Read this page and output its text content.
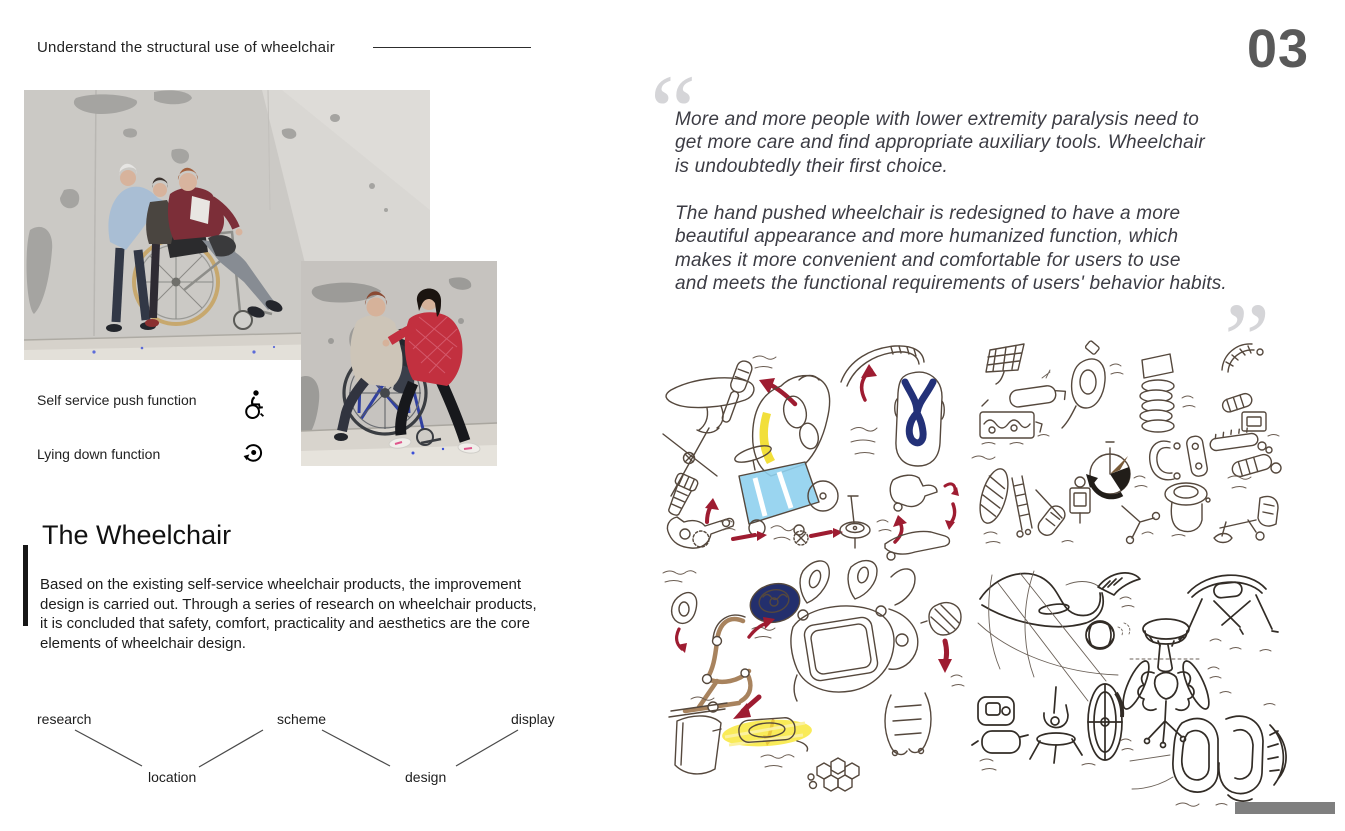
Understand the structural use of wheelchair	03
Self service push function
Lying down function
The Wheelchair
Based on the existing self-service wheelchair products, the improvement
design is carried out. Through a series of research on wheelchair products,
it is concluded that safety, comfort, practicality and aesthetics are the core
elements of wheelchair design.
research
location
scheme
design
display
“
More and more people with lower extremity paralysis need to
get more care and find appropriate auxiliary tools. Wheelchair
is undoubtedly their first choice.
The hand pushed wheelchair is redesigned to have a more
beautiful appearance and more humanized function, which
makes it more convenient and comfortable for users to use
and meets the functional requirements of users' behavior habits.
”
